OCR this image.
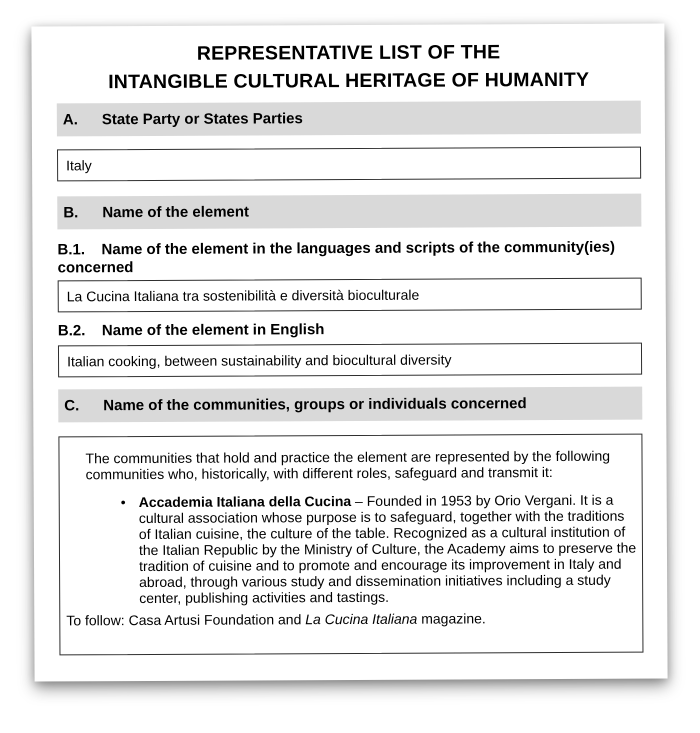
REPRESENTATIVE LIST OF THE
INTANGIBLE CULTURAL HERITAGE OF HUMANITY
A. State Party or States Parties
Italy
B. Name of the element
B.1. Name of the element in the languages and scripts of the community(ies) concerned
La Cucina Italiana tra sostenibilità e diversità bioculturale
B.2. Name of the element in English
Italian cooking, between sustainability and biocultural diversity
C. Name of the communities, groups or individuals concerned

The communities that hold and practice the element are represented by the following communities who, historically, with different roles, safeguard and transmit it:

• Accademia Italiana della Cucina – Founded in 1953 by Orio Vergani. It is a cultural association whose purpose is to safeguard, together with the traditions of Italian cuisine, the culture of the table. Recognized as a cultural institution of the Italian Republic by the Ministry of Culture, the Academy aims to preserve the tradition of cuisine and to promote and encourage its improvement in Italy and abroad, through various study and dissemination initiatives including a study center, publishing activities and tastings.

To follow: Casa Artusi Foundation and La Cucina Italiana magazine.
